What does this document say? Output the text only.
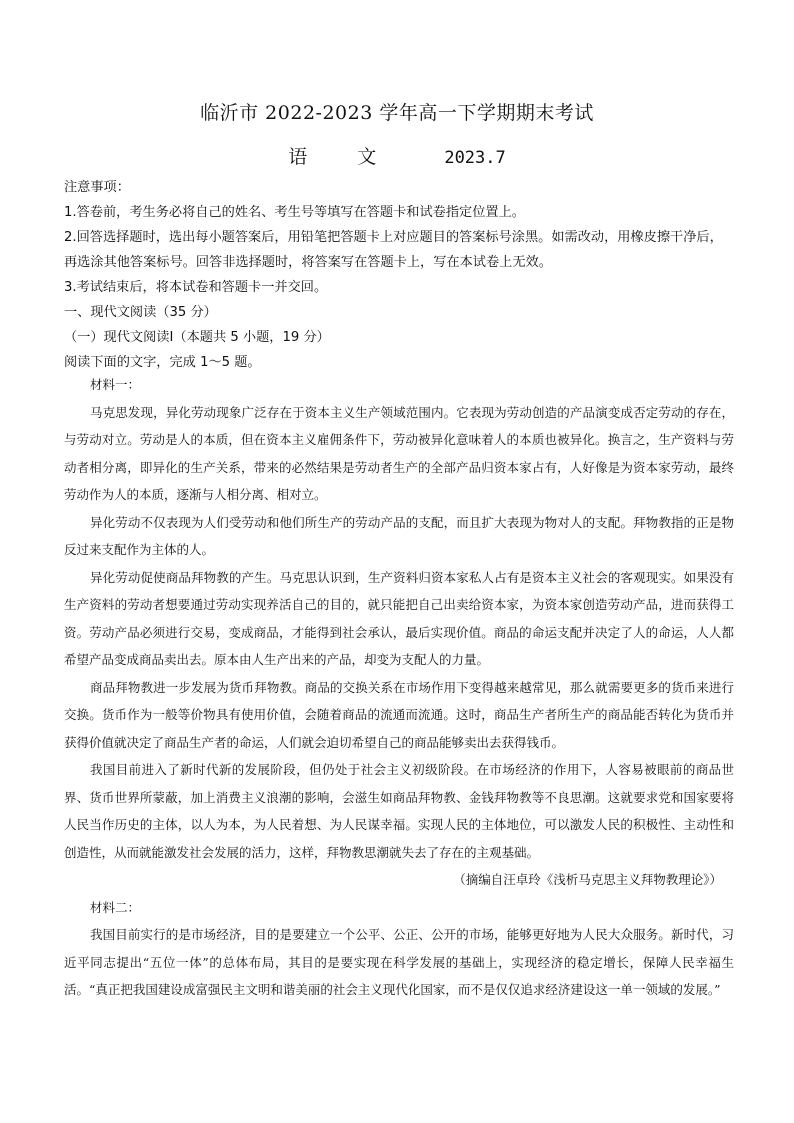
临沂市 2022-2023 学年高一下学期期末考试
语 文	2023.7

注意事项：

1.答卷前，考生务必将自己的姓名、考生号等填写在答题卡和试卷指定位置上。

2.回答选择题时，选出每小题答案后，用铅笔把答题卡上对应题目的答案标号涂黑。如需改动，用橡皮擦干净后，再选涂其他答案标号。回答非选择题时，将答案写在答题卡上，写在本试卷上无效。

3.考试结束后，将本试卷和答题卡一并交回。

一、现代文阅读（35 分）

（一）现代文阅读Ⅰ（本题共 5 小题，19 分）

阅读下面的文字，完成 1～5 题。

材料一：

马克思发现，异化劳动现象广泛存在于资本主义生产领域范围内。它表现为劳动创造的产品演变成否定劳动的存在，与劳动对立。劳动是人的本质，但在资本主义雇佣条件下，劳动被异化意味着人的本质也被异化。换言之，生产资料与劳动者相分离，即异化的生产关系，带来的必然结果是劳动者生产的全部产品归资本家占有，人好像是为资本家劳动，最终劳动作为人的本质，逐渐与人相分离、相对立。

异化劳动不仅表现为人们受劳动和他们所生产的劳动产品的支配，而且扩大表现为物对人的支配。拜物教指的正是物反过来支配作为主体的人。

异化劳动促使商品拜物教的产生。马克思认识到，生产资料归资本家私人占有是资本主义社会的客观现实。如果没有生产资料的劳动者想要通过劳动实现养活自己的目的，就只能把自己出卖给资本家，为资本家创造劳动产品，进而获得工资。劳动产品必须进行交易，变成商品，才能得到社会承认，最后实现价值。商品的命运支配并决定了人的命运，人人都希望产品变成商品卖出去。原本由人生产出来的产品，却变为支配人的力量。

商品拜物教进一步发展为货币拜物教。商品的交换关系在市场作用下变得越来越常见，那么就需要更多的货币来进行交换。货币作为一般等价物具有使用价值，会随着商品的流通而流通。这时，商品生产者所生产的商品能否转化为货币并获得价值就决定了商品生产者的命运，人们就会迫切希望自己的商品能够卖出去获得钱币。

我国目前进入了新时代新的发展阶段，但仍处于社会主义初级阶段。在市场经济的作用下，人容易被眼前的商品世界、货币世界所蒙蔽，加上消费主义浪潮的影响，会滋生如商品拜物教、金钱拜物教等不良思潮。这就要求党和国家要将人民当作历史的主体，以人为本，为人民着想、为人民谋幸福。实现人民的主体地位，可以激发人民的积极性、主动性和创造性，从而就能激发社会发展的活力，这样，拜物教思潮就失去了存在的主观基础。

（摘编自汪卓玲《浅析马克思主义拜物教理论》）

材料二：

我国目前实行的是市场经济，目的是要建立一个公平、公正、公开的市场，能够更好地为人民大众服务。新时代，习近平同志提出“五位一体”的总体布局，其目的是要实现在科学发展的基础上，实现经济的稳定增长，保障人民幸福生活。“真正把我国建设成富强民主文明和谐美丽的社会主义现代化国家，而不是仅仅追求经济建设这一单一领域的发展。”
